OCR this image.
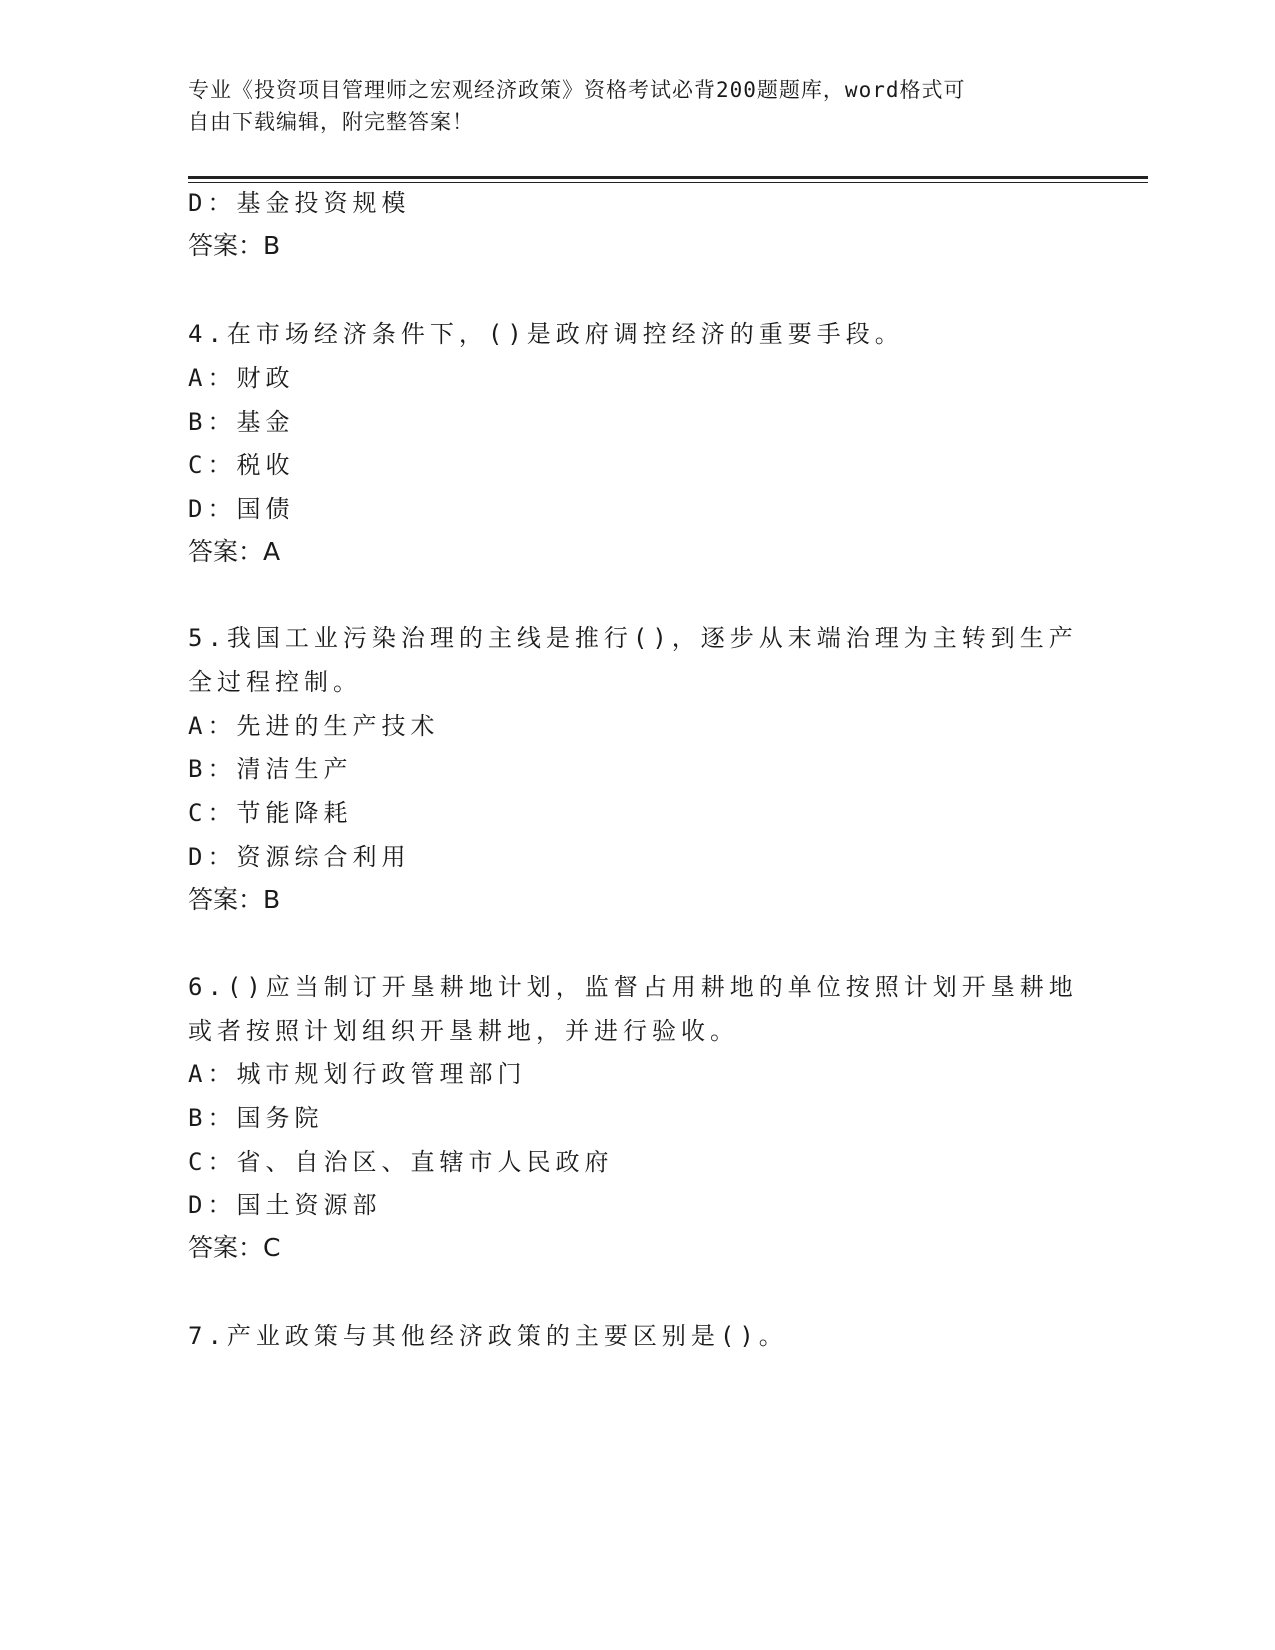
专业《投资项目管理师之宏观经济政策》资格考试必背200题题库，word格式可
自由下载编辑，附完整答案！
D：基金投资规模
答案：B
4.在市场经济条件下，()是政府调控经济的重要手段。
A：财政
B：基金
C：税收
D：国债
答案：A
5.我国工业污染治理的主线是推行()，逐步从末端治理为主转到生产
全过程控制。
A：先进的生产技术
B：清洁生产
C：节能降耗
D：资源综合利用
答案：B
6.()应当制订开垦耕地计划，监督占用耕地的单位按照计划开垦耕地
或者按照计划组织开垦耕地，并进行验收。
A：城市规划行政管理部门
B：国务院
C：省、自治区、直辖市人民政府
D：国土资源部
答案：C
7.产业政策与其他经济政策的主要区别是()。
